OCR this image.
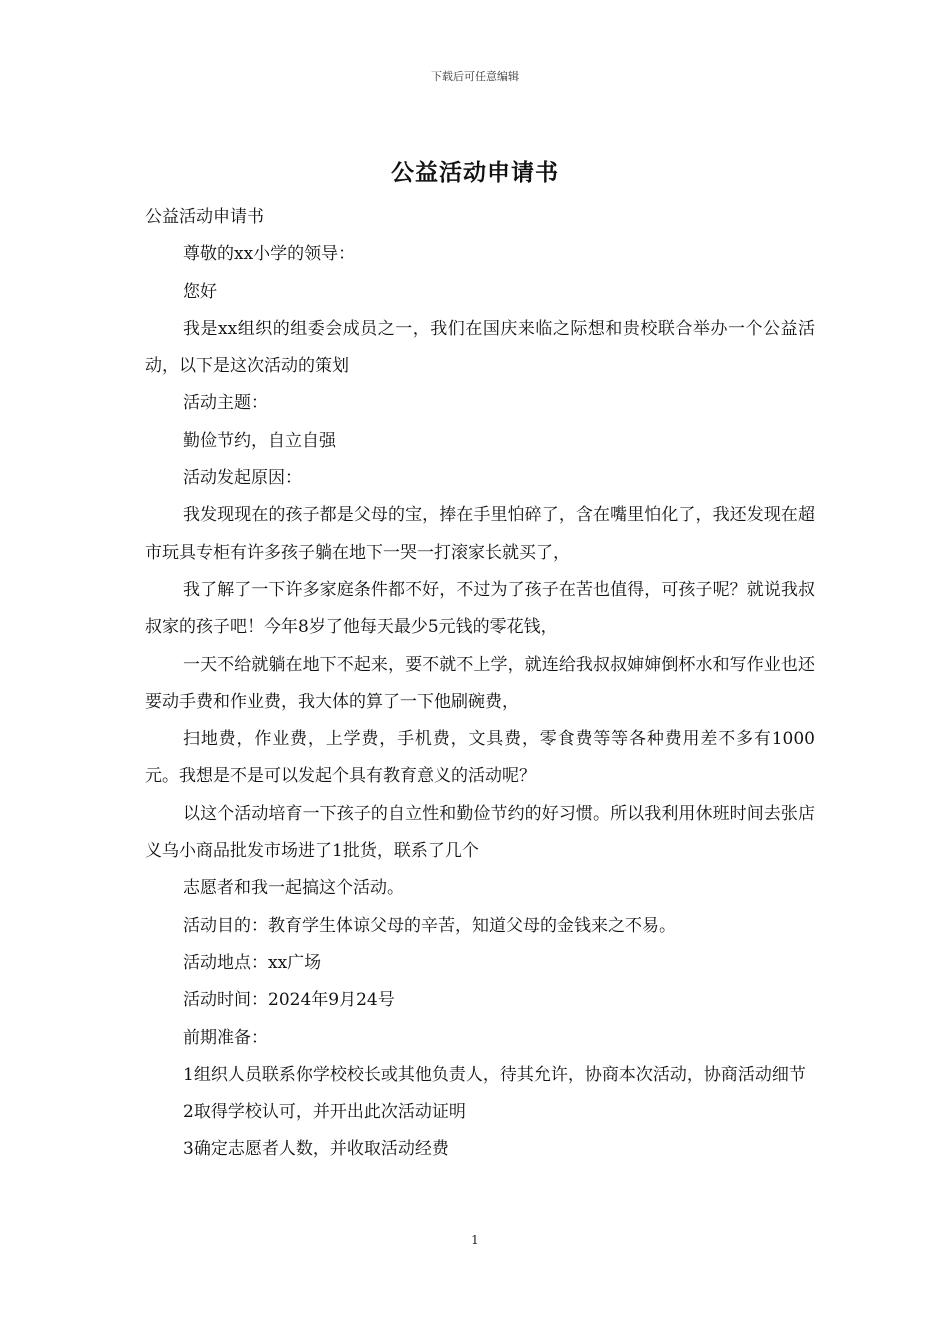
下载后可任意编辑
公益活动申请书

公益活动申请书

尊敬的xx小学的领导：

您好

我是xx组织的组委会成员之一，我们在国庆来临之际想和贵校联合举办一个公益活动，以下是这次活动的策划

活动主题：

勤俭节约，自立自强

活动发起原因：

我发现现在的孩子都是父母的宝，捧在手里怕碎了，含在嘴里怕化了，我还发现在超市玩具专柜有许多孩子躺在地下一哭一打滚家长就买了，

我了解了一下许多家庭条件都不好，不过为了孩子在苦也值得，可孩子呢？就说我叔叔家的孩子吧！今年8岁了他每天最少5元钱的零花钱，

一天不给就躺在地下不起来，要不就不上学，就连给我叔叔婶婶倒杯水和写作业也还要动手费和作业费，我大体的算了一下他刷碗费，

扫地费，作业费，上学费，手机费，文具费，零食费等等各种费用差不多有1000元。我想是不是可以发起个具有教育意义的活动呢？

以这个活动培育一下孩子的自立性和勤俭节约的好习惯。所以我利用休班时间去张店义乌小商品批发市场进了1批货，联系了几个

志愿者和我一起搞这个活动。

活动目的：教育学生体谅父母的辛苦，知道父母的金钱来之不易。

活动地点：xx广场

活动时间：2024年9月24号

前期准备：

1组织人员联系你学校校长或其他负责人，待其允许，协商本次活动，协商活动细节

2取得学校认可，并开出此次活动证明

3确定志愿者人数，并收取活动经费

1
